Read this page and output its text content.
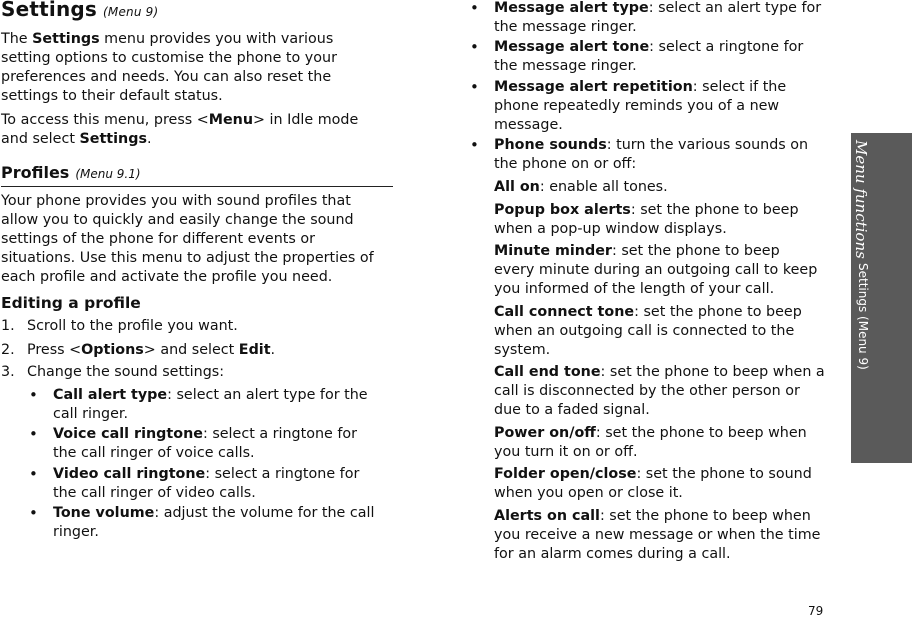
Settings (Menu 9)

The Settings menu provides you with various

setting options to customise the phone to your

preferences and needs. You can also reset the

settings to their default status.

To access this menu, press <Menu> in Idle mode

and select Settings.

Profiles (Menu 9.1)

Your phone provides you with sound profiles that

allow you to quickly and easily change the sound

settings of the phone for different events or

situations. Use this menu to adjust the properties of

each profile and activate the profile you need.

Editing a profile

1. Scroll to the profile you want.

2. Press <Options> and select Edit.

3. Change the sound settings:

• Call alert type: select an alert type for the

call ringer.

• Voice call ringtone: select a ringtone for

the call ringer of voice calls.

• Video call ringtone: select a ringtone for

the call ringer of video calls.

• Tone volume: adjust the volume for the call

ringer.

• Message alert type: select an alert type for

the message ringer.

• Message alert tone: select a ringtone for

the message ringer.

• Message alert repetition: select if the

phone repeatedly reminds you of a new

message.

• Phone sounds: turn the various sounds on

the phone on or off:

All on: enable all tones.

Popup box alerts: set the phone to beep

when a pop-up window displays.

Minute minder: set the phone to beep

every minute during an outgoing call to keep

you informed of the length of your call.

Call connect tone: set the phone to beep

when an outgoing call is connected to the

system.

Call end tone: set the phone to beep when a

call is disconnected by the other person or

due to a faded signal.

Power on/off: set the phone to beep when

you turn it on or off.

Folder open/close: set the phone to sound

when you open or close it.

Alerts on call: set the phone to beep when

you receive a new message or when the time

for an alarm comes during a call.

Menu functions
Settings (Menu 9)
79
